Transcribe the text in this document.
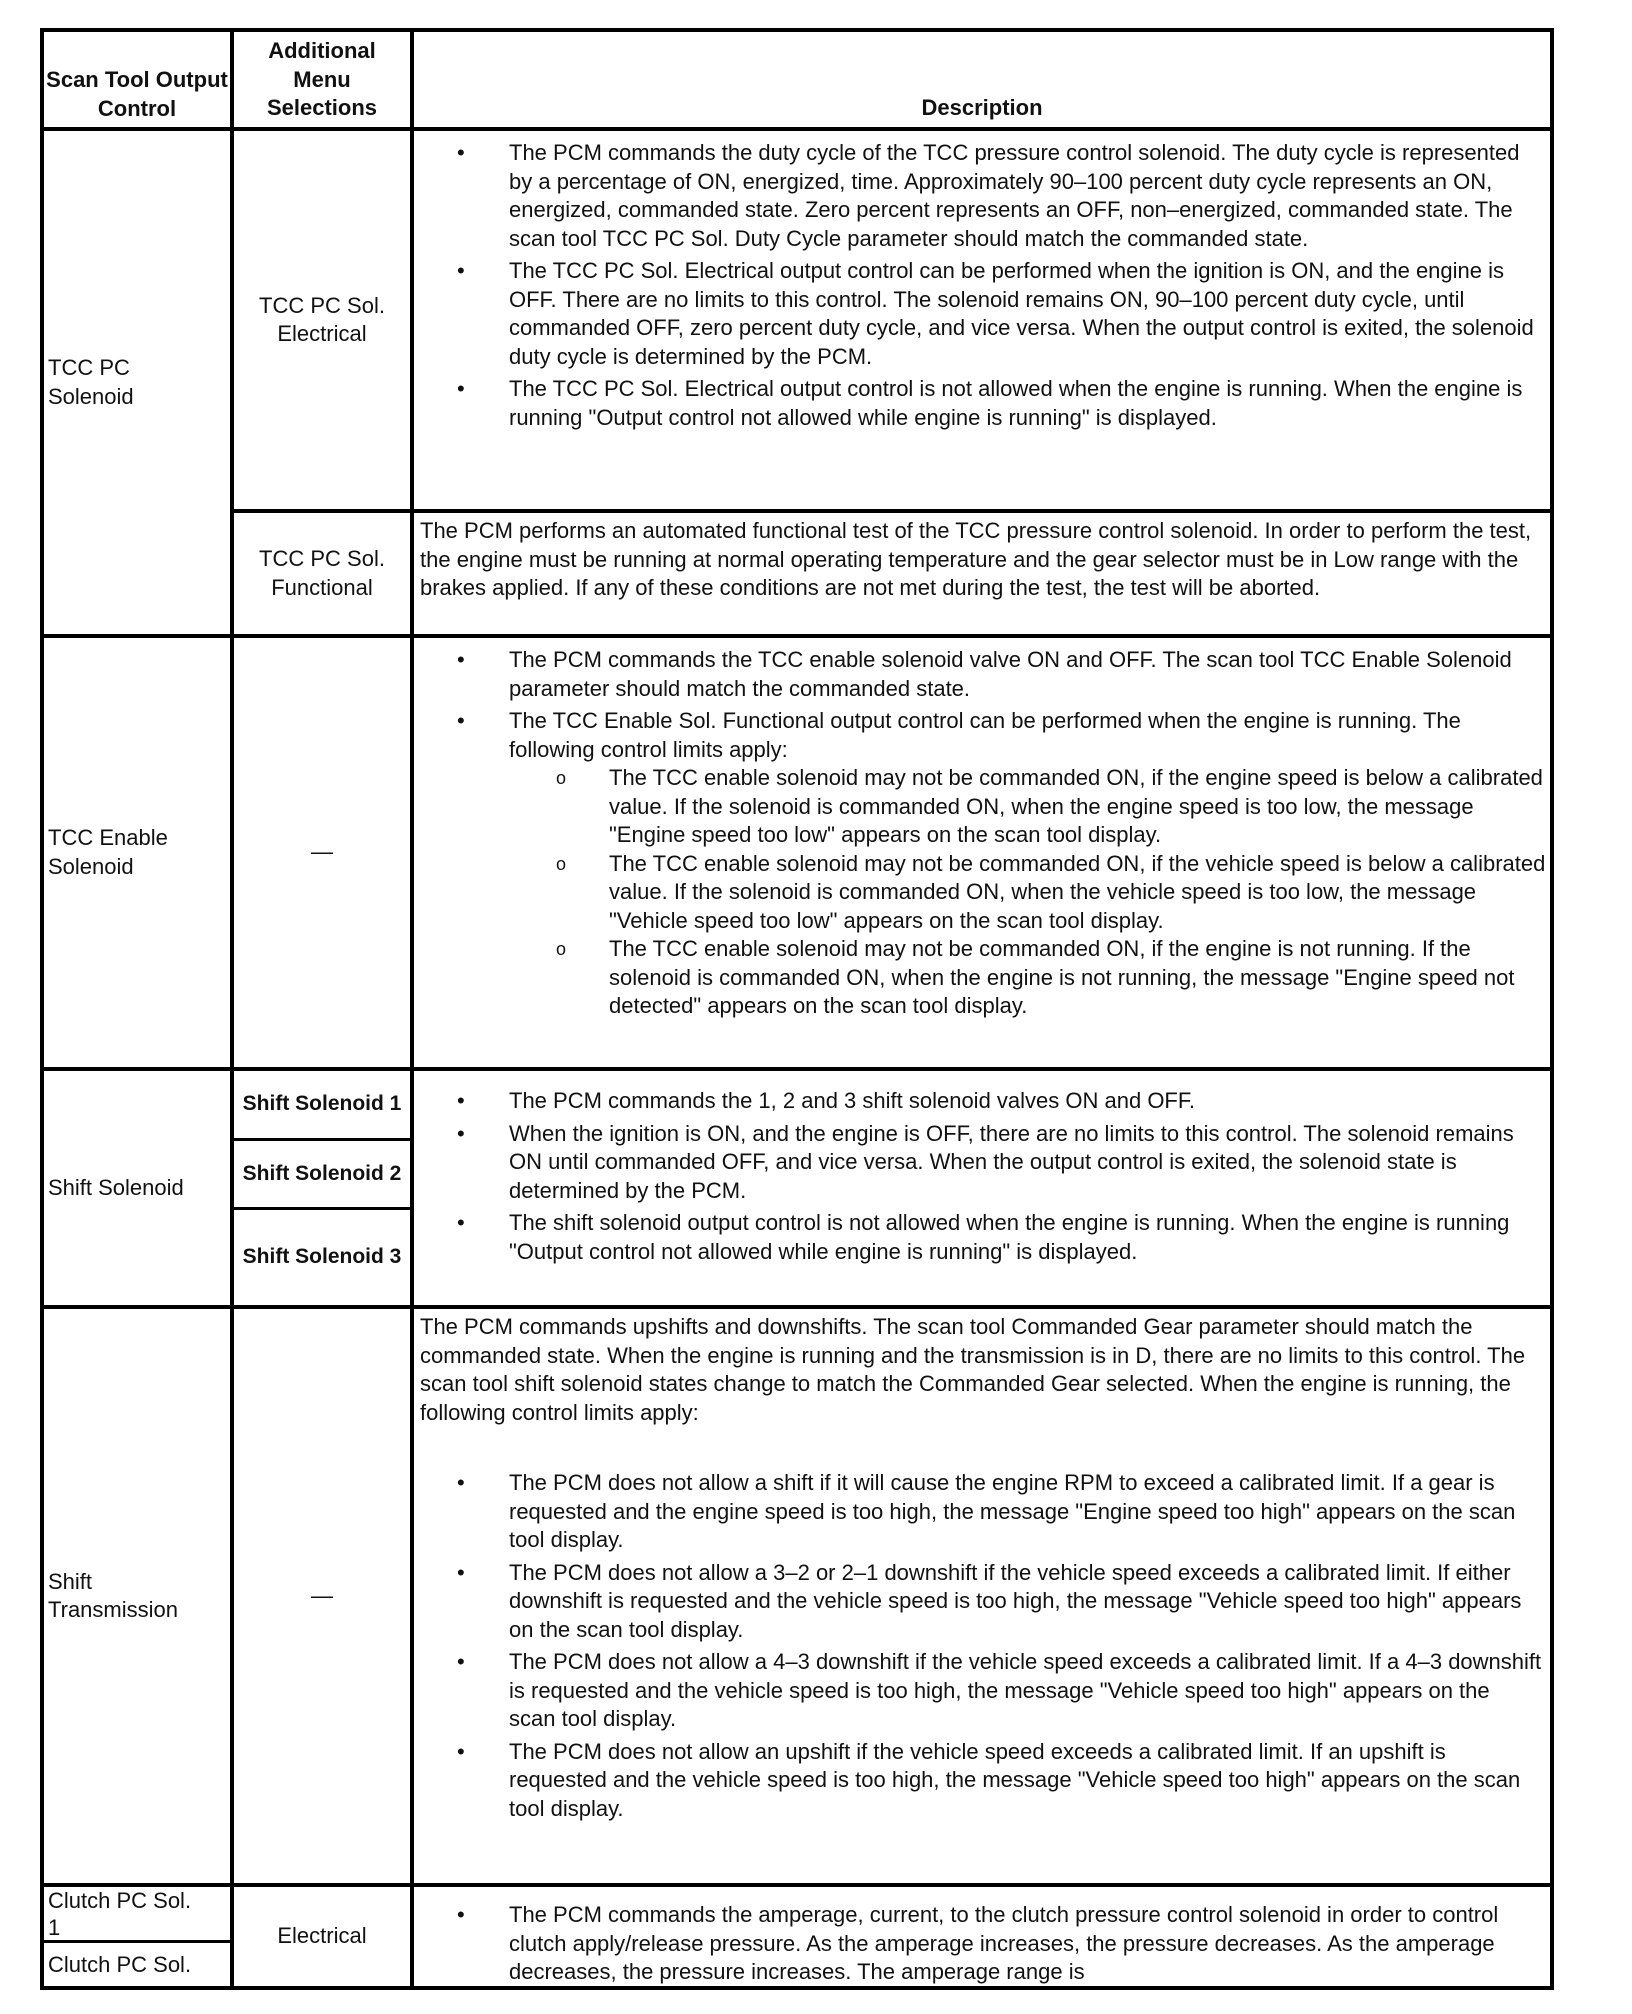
Scan Tool Output Control
Additional Menu Selections	Description
TCC PC Solenoid
TCC PC Sol. Electrical
• The PCM commands the duty cycle of the TCC pressure control solenoid. The duty cycle is represented by a percentage of ON, energized, time. Approximately 90–100 percent duty cycle represents an ON, energized, commanded state. Zero percent represents an OFF, non–energized, commanded state. The scan tool TCC PC Sol. Duty Cycle parameter should match the commanded state.
• The TCC PC Sol. Electrical output control can be performed when the ignition is ON, and the engine is OFF. There are no limits to this control. The solenoid remains ON, 90–100 percent duty cycle, until commanded OFF, zero percent duty cycle, and vice versa. When the output control is exited, the solenoid duty cycle is determined by the PCM.
• The TCC PC Sol. Electrical output control is not allowed when the engine is running. When the engine is running "Output control not allowed while engine is running" is displayed.
TCC PC Sol. Functional

The PCM performs an automated functional test of the TCC pressure control solenoid. In order to perform the test, the engine must be running at normal operating temperature and the gear selector must be in Low range with the brakes applied. If any of these conditions are not met during the test, the test will be aborted.

TCC Enable Solenoid
—
• The PCM commands the TCC enable solenoid valve ON and OFF. The scan tool TCC Enable Solenoid parameter should match the commanded state.
• The TCC Enable Sol. Functional output control can be performed when the engine is running. The following control limits apply:
o The TCC enable solenoid may not be commanded ON, if the engine speed is below a calibrated value. If the solenoid is commanded ON, when the engine speed is too low, the message "Engine speed too low" appears on the scan tool display.
o The TCC enable solenoid may not be commanded ON, if the vehicle speed is below a calibrated value. If the solenoid is commanded ON, when the vehicle speed is too low, the message "Vehicle speed too low" appears on the scan tool display.
o The TCC enable solenoid may not be commanded ON, if the engine is not running. If the solenoid is commanded ON, when the engine is not running, the message "Engine speed not detected" appears on the scan tool display.
Shift Solenoid
Shift Solenoid 1
Shift Solenoid 2
Shift Solenoid 3
• The PCM commands the 1, 2 and 3 shift solenoid valves ON and OFF.
• When the ignition is ON, and the engine is OFF, there are no limits to this control. The solenoid remains ON until commanded OFF, and vice versa. When the output control is exited, the solenoid state is determined by the PCM.
• The shift solenoid output control is not allowed when the engine is running. When the engine is running "Output control not allowed while engine is running" is displayed.
Shift Transmission
—

The PCM commands upshifts and downshifts. The scan tool Commanded Gear parameter should match the commanded state. When the engine is running and the transmission is in D, there are no limits to this control. The scan tool shift solenoid states change to match the Commanded Gear selected. When the engine is running, the following control limits apply:

• The PCM does not allow a shift if it will cause the engine RPM to exceed a calibrated limit. If a gear is requested and the engine speed is too high, the message "Engine speed too high" appears on the scan tool display.
• The PCM does not allow a 3–2 or 2–1 downshift if the vehicle speed exceeds a calibrated limit. If either downshift is requested and the vehicle speed is too high, the message "Vehicle speed too high" appears on the scan tool display.
• The PCM does not allow a 4–3 downshift if the vehicle speed exceeds a calibrated limit. If a 4–3 downshift is requested and the vehicle speed is too high, the message "Vehicle speed too high" appears on the scan tool display.
• The PCM does not allow an upshift if the vehicle speed exceeds a calibrated limit. If an upshift is requested and the vehicle speed is too high, the message "Vehicle speed too high" appears on the scan tool display.
Clutch PC Sol. 1
Clutch PC Sol.
Electrical
• The PCM commands the amperage, current, to the clutch pressure control solenoid in order to control clutch apply/release pressure. As the amperage increases, the pressure decreases. As the amperage decreases, the pressure increases. The amperage range is
